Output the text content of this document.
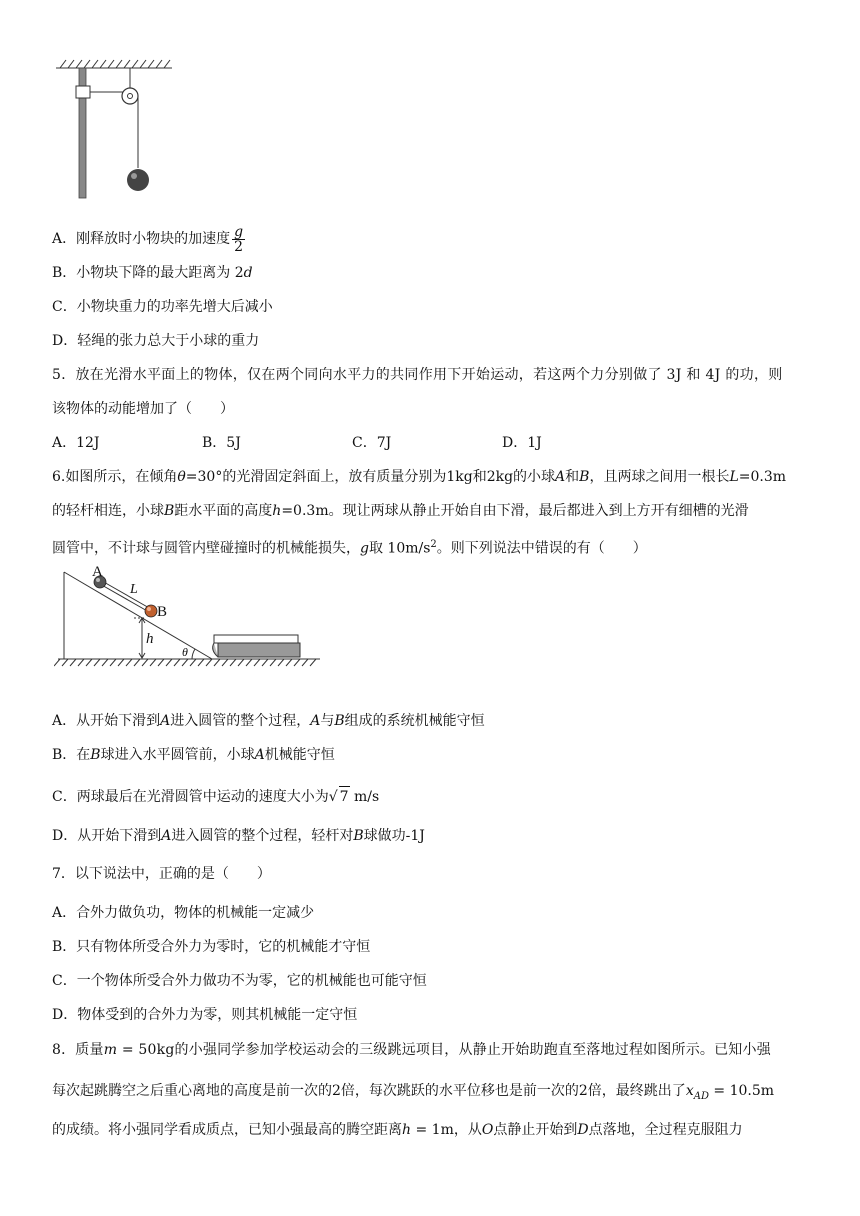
A．刚释放时小物块的加速度 $\frac{g}{2}$
B．小物块下降的最大距离为 2d
C．小物块重力的功率先增大后减小
D．轻绳的张力总大于小球的重力
5．放在光滑水平面上的物体，仅在两个同向水平力的共同作用下开始运动，若这两个力分别做了 3J 和 4J 的功，则
该物体的动能增加了（　　）
A．12J	B．5J	C．7J	D．1J
6.如图所示，在倾角θ=30°的光滑固定斜面上，放有质量分别为1kg和2kg的小球A和B，且两球之间用一根长L=0.3m
的轻杆相连，小球B距水平面的高度h=0.3m。现让两球从静止开始自由下滑，最后都进入到上方开有细槽的光滑
圆管中，不计球与圆管内壁碰撞时的机械能损失，g取 $10m/s^2$。则下列说法中错误的有（　　）
A
L
B
h
θ
A．从开始下滑到A进入圆管的整个过程，A与B组成的系统机械能守恒
B．在B球进入水平圆管前，小球A机械能守恒
C．两球最后在光滑圆管中运动的速度大小为√ 7 m/s
D．从开始下滑到A进入圆管的整个过程，轻杆对B球做功-1J
7．以下说法中，正确的是（　　）
A．合外力做负功，物体的机械能一定减少
B．只有物体所受合外力为零时，它的机械能才守恒
C．一个物体所受合外力做功不为零，它的机械能也可能守恒
D．物体受到的合外力为零，则其机械能一定守恒
8．质量m = 50kg的小强同学参加学校运动会的三级跳远项目，从静止开始助跑直至落地过程如图所示。已知小强
每次起跳腾空之后重心离地的高度是前一次的2倍，每次跳跃的水平位移也是前一次的2倍，最终跳出了$x_{AD} = 10.5m$
的成绩。将小强同学看成质点，已知小强最高的腾空距离h = 1m，从O点静止开始到D点落地，全过程克服阻力
